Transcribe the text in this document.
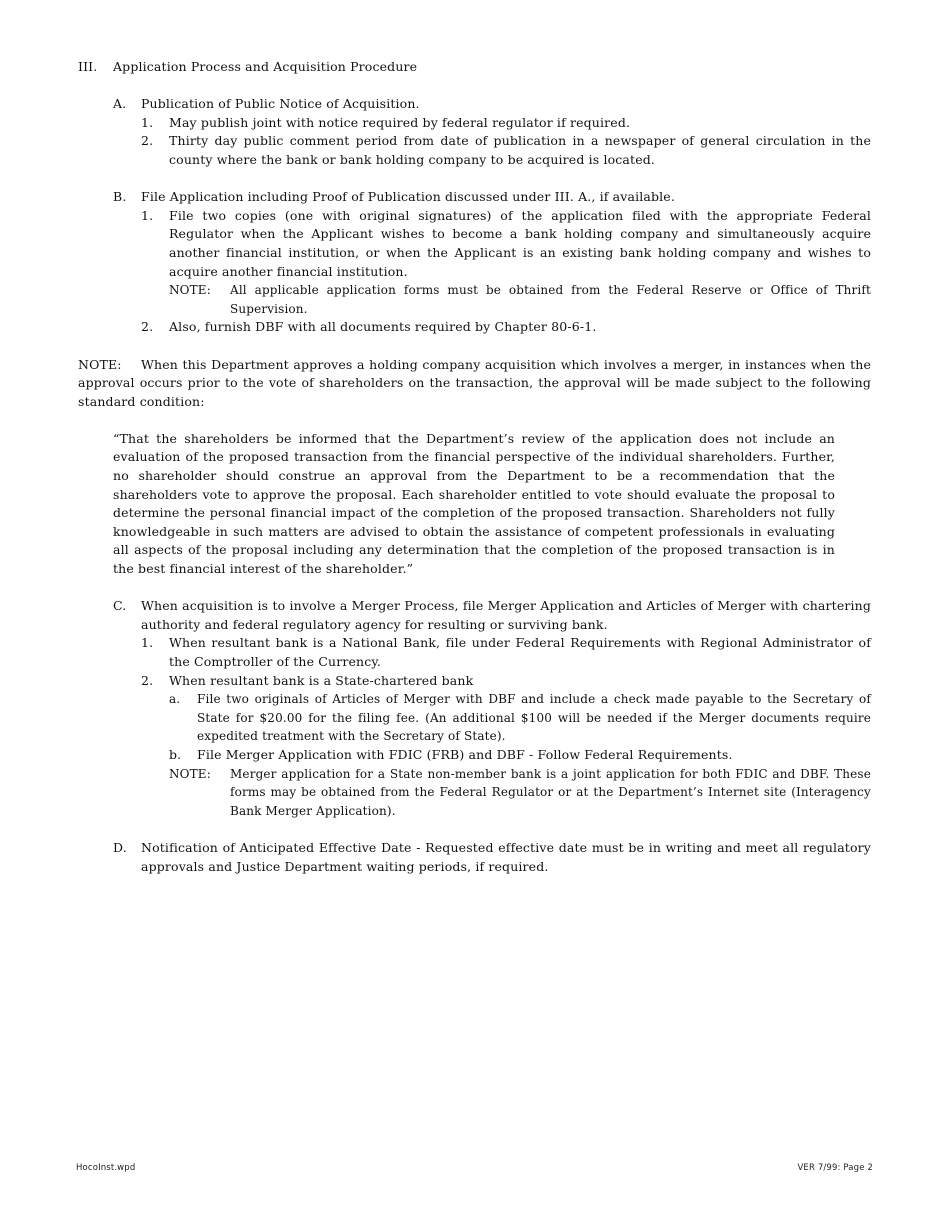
III. Application Process and Acquisition Procedure
A. Publication of Public Notice of Acquisition.
1. May publish joint with notice required by federal regulator if required.
2. Thirty day public comment period from date of publication in a newspaper of general circulation in the county where the bank or bank holding company to be acquired is located.
B. File Application including Proof of Publication discussed under III. A., if available.
1. File two copies (one with original signatures) of the application filed with the appropriate Federal Regulator when the Applicant wishes to become a bank holding company and simultaneously acquire another financial institution, or when the Applicant is an existing bank holding company and wishes to acquire another financial institution.
NOTE: All applicable application forms must be obtained from the Federal Reserve or Office of Thrift Supervision.
2. Also, furnish DBF with all documents required by Chapter 80-6-1.
NOTE: When this Department approves a holding company acquisition which involves a merger, in instances when the approval occurs prior to the vote of shareholders on the transaction, the approval will be made subject to the following standard condition:
“That the shareholders be informed that the Department’s review of the application does not include an evaluation of the proposed transaction from the financial perspective of the individual shareholders. Further, no shareholder should construe an approval from the Department to be a recommendation that the shareholders vote to approve the proposal. Each shareholder entitled to vote should evaluate the proposal to determine the personal financial impact of the completion of the proposed transaction. Shareholders not fully knowledgeable in such matters are advised to obtain the assistance of competent professionals in evaluating all aspects of the proposal including any determination that the completion of the proposed transaction is in the best financial interest of the shareholder.”
C. When acquisition is to involve a Merger Process, file Merger Application and Articles of Merger with chartering authority and federal regulatory agency for resulting or surviving bank.
1. When resultant bank is a National Bank, file under Federal Requirements with Regional Administrator of the Comptroller of the Currency.
2. When resultant bank is a State-chartered bank
a. File two originals of Articles of Merger with DBF and include a check made payable to the Secretary of State for $20.00 for the filing fee. (An additional $100 will be needed if the Merger documents require expedited treatment with the Secretary of State).
b. File Merger Application with FDIC (FRB) and DBF - Follow Federal Requirements.
NOTE: Merger application for a State non-member bank is a joint application for both FDIC and DBF. These forms may be obtained from the Federal Regulator or at the Department’s Internet site (Interagency Bank Merger Application).
D. Notification of Anticipated Effective Date - Requested effective date must be in writing and meet all regulatory approvals and Justice Department waiting periods, if required.
HocoInst.wpd	VER 7/99: Page 2
